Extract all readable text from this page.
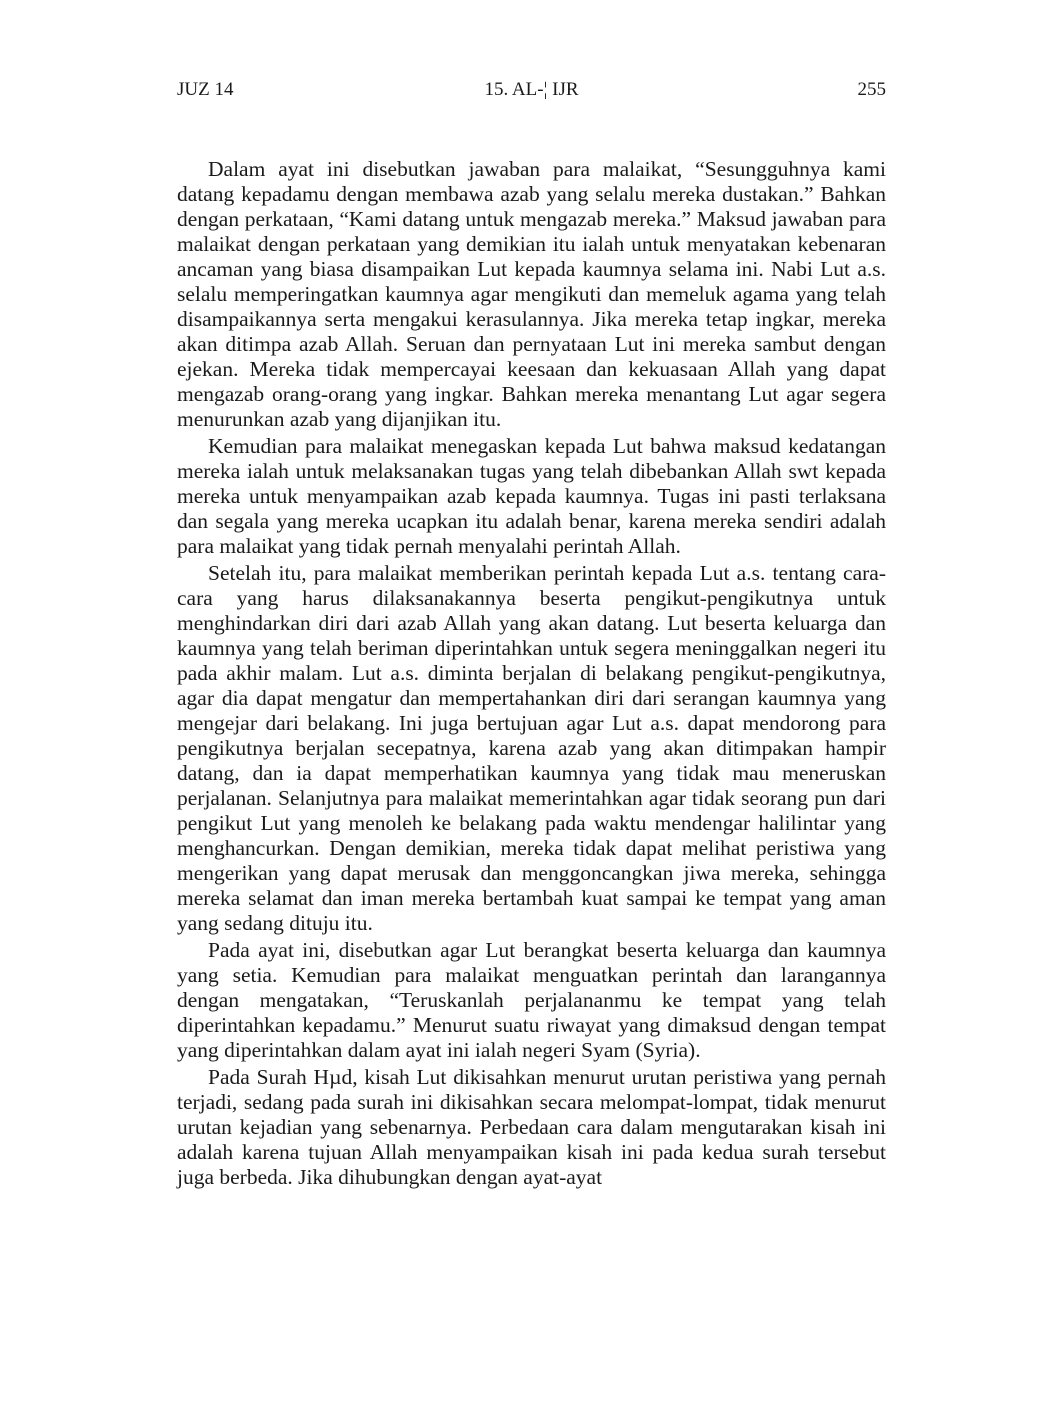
JUZ 14	15. AL-¦ IJR	255

Dalam ayat ini disebutkan jawaban para malaikat, “Sesungguhnya kami datang kepadamu dengan membawa azab yang selalu mereka dustakan.” Bahkan dengan perkataan, “Kami datang untuk mengazab mereka.” Maksud jawaban para malaikat dengan perkataan yang demikian itu ialah untuk menyatakan kebenaran ancaman yang biasa disampaikan Lut kepada kaumnya selama ini. Nabi Lut a.s. selalu memperingatkan kaumnya agar mengikuti dan memeluk agama yang telah disampaikannya serta mengakui kerasulannya. Jika mereka tetap ingkar, mereka akan ditimpa azab Allah. Seruan dan pernyataan Lut ini mereka sambut dengan ejekan. Mereka tidak mempercayai keesaan dan kekuasaan Allah yang dapat mengazab orang-orang yang ingkar. Bahkan mereka menantang Lut agar segera menurunkan azab yang dijanjikan itu.

Kemudian para malaikat menegaskan kepada Lut bahwa maksud kedatangan mereka ialah untuk melaksanakan tugas yang telah dibebankan Allah swt kepada mereka untuk menyampaikan azab kepada kaumnya. Tugas ini pasti terlaksana dan segala yang mereka ucapkan itu adalah benar, karena mereka sendiri adalah para malaikat yang tidak pernah menyalahi perintah Allah.

Setelah itu, para malaikat memberikan perintah kepada Lut a.s. tentang cara-cara yang harus dilaksanakannya beserta pengikut-pengikutnya untuk menghindarkan diri dari azab Allah yang akan datang. Lut beserta keluarga dan kaumnya yang telah beriman diperintahkan untuk segera meninggalkan negeri itu pada akhir malam. Lut a.s. diminta berjalan di belakang pengikut-pengikutnya, agar dia dapat mengatur dan mempertahankan diri dari serangan kaumnya yang mengejar dari belakang. Ini juga bertujuan agar Lut a.s. dapat mendorong para pengikutnya berjalan secepatnya, karena azab yang akan ditimpakan hampir datang, dan ia dapat memperhatikan kaumnya yang tidak mau meneruskan perjalanan. Selanjutnya para malaikat memerintahkan agar tidak seorang pun dari pengikut Lut yang menoleh ke belakang pada waktu mendengar halilintar yang menghancurkan. Dengan demikian, mereka tidak dapat melihat peristiwa yang mengerikan yang dapat merusak dan menggoncangkan jiwa mereka, sehingga mereka selamat dan iman mereka bertambah kuat sampai ke tempat yang aman yang sedang dituju itu.

Pada ayat ini, disebutkan agar Lut berangkat beserta keluarga dan kaumnya yang setia. Kemudian para malaikat menguatkan perintah dan larangannya dengan mengatakan, “Teruskanlah perjalananmu ke tempat yang telah diperintahkan kepadamu.” Menurut suatu riwayat yang dimaksud dengan tempat yang diperintahkan dalam ayat ini ialah negeri Syam (Syria).

Pada Surah Hµd, kisah Lut dikisahkan menurut urutan peristiwa yang pernah terjadi, sedang pada surah ini dikisahkan secara melompat-lompat, tidak menurut urutan kejadian yang sebenarnya. Perbedaan cara dalam mengutarakan kisah ini adalah karena tujuan Allah menyampaikan kisah ini pada kedua surah tersebut juga berbeda. Jika dihubungkan dengan ayat-ayat
